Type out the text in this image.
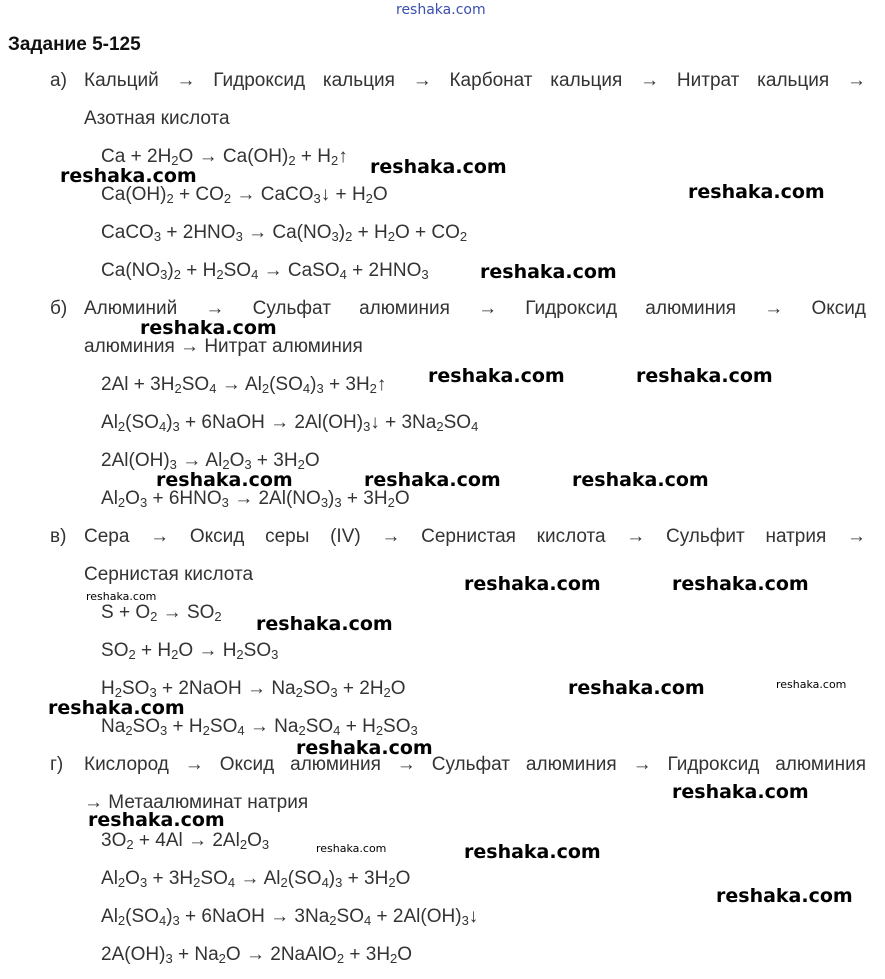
reshaka.com
Задание 5-125
а) Кальций → Гидроксид кальция → Карбонат кальция → Нитрат кальция →
Азотная кислота
$Ca + 2H_2O \to Ca(OH)_2$ + $H_2↑$
$Ca(OH)_2 + CO_2$ → CaCO$_3$↓ + $H_2O$
CaCO$_3$ + $2HNO_3 \to Ca(NO_3)_2 + H_2O + CO_2$
$Ca(NO_3)_2 + H_2SO_4$ → CaSO$_4$ + $2HNO_3$
б) Алюминий → Сульфат алюминия → Гидроксид алюминия → Оксид
алюминия → Нитрат алюминия
$2Al + 3H_2SO_4 \to Al_2(SO_4)_3$ + $3H_2↑$
$Al_2(SO_4)_3$ + 6NaOH → $2Al(OH)_3↓ + 3Na_2SO_4$
$2Al(OH)_3 \to Al_2O_3 + 3H_2O$
$Al_2O_3 + 6HNO_3 \to 2Al(NO_3)_3 + 3H_2O$
в) Сера → Оксид серы (IV) → Сернистая кислота → Сульфит натрия →
Сернистая кислота
$S + O_2 \to SO_2$
$SO_2 + H_2O \to H_2SO_3$
$H_2SO_3$ + 2NaOH → $Na_2SO_3 + 2H_2O$
$Na_2SO_3 + H_2SO_4 \to Na_2SO_4 + H_2SO_3$
г) Кислород → Оксид алюминия → Сульфат алюминия → Гидроксид алюминия
→ Метаалюминат натрия
$3O_2 + 4Al \to 2Al_2O_3$
$Al_2O_3 + 3H_2SO_4 \to Al_2(SO_4)_3 + 3H_2O$
$Al_2(SO_4)_3$ + 6NaOH → $3Na_2SO_4$ + $2Al(OH)_3↓$
$2A(OH)_3 + Na_2O$ → 2NaAlO$_2$ + $3H_2O$
reshaka.com
reshaka.com
reshaka.com
reshaka.com
reshaka.com
reshaka.com	reshaka.com
reshaka.com	reshaka.com	reshaka.com
reshaka.com	reshaka.com
reshaka.com
reshaka.com
reshaka.com
reshaka.com
reshaka.com
reshaka.com
reshaka.com
reshaka.com
reshaka.com
reshaka.com
reshaka.com
